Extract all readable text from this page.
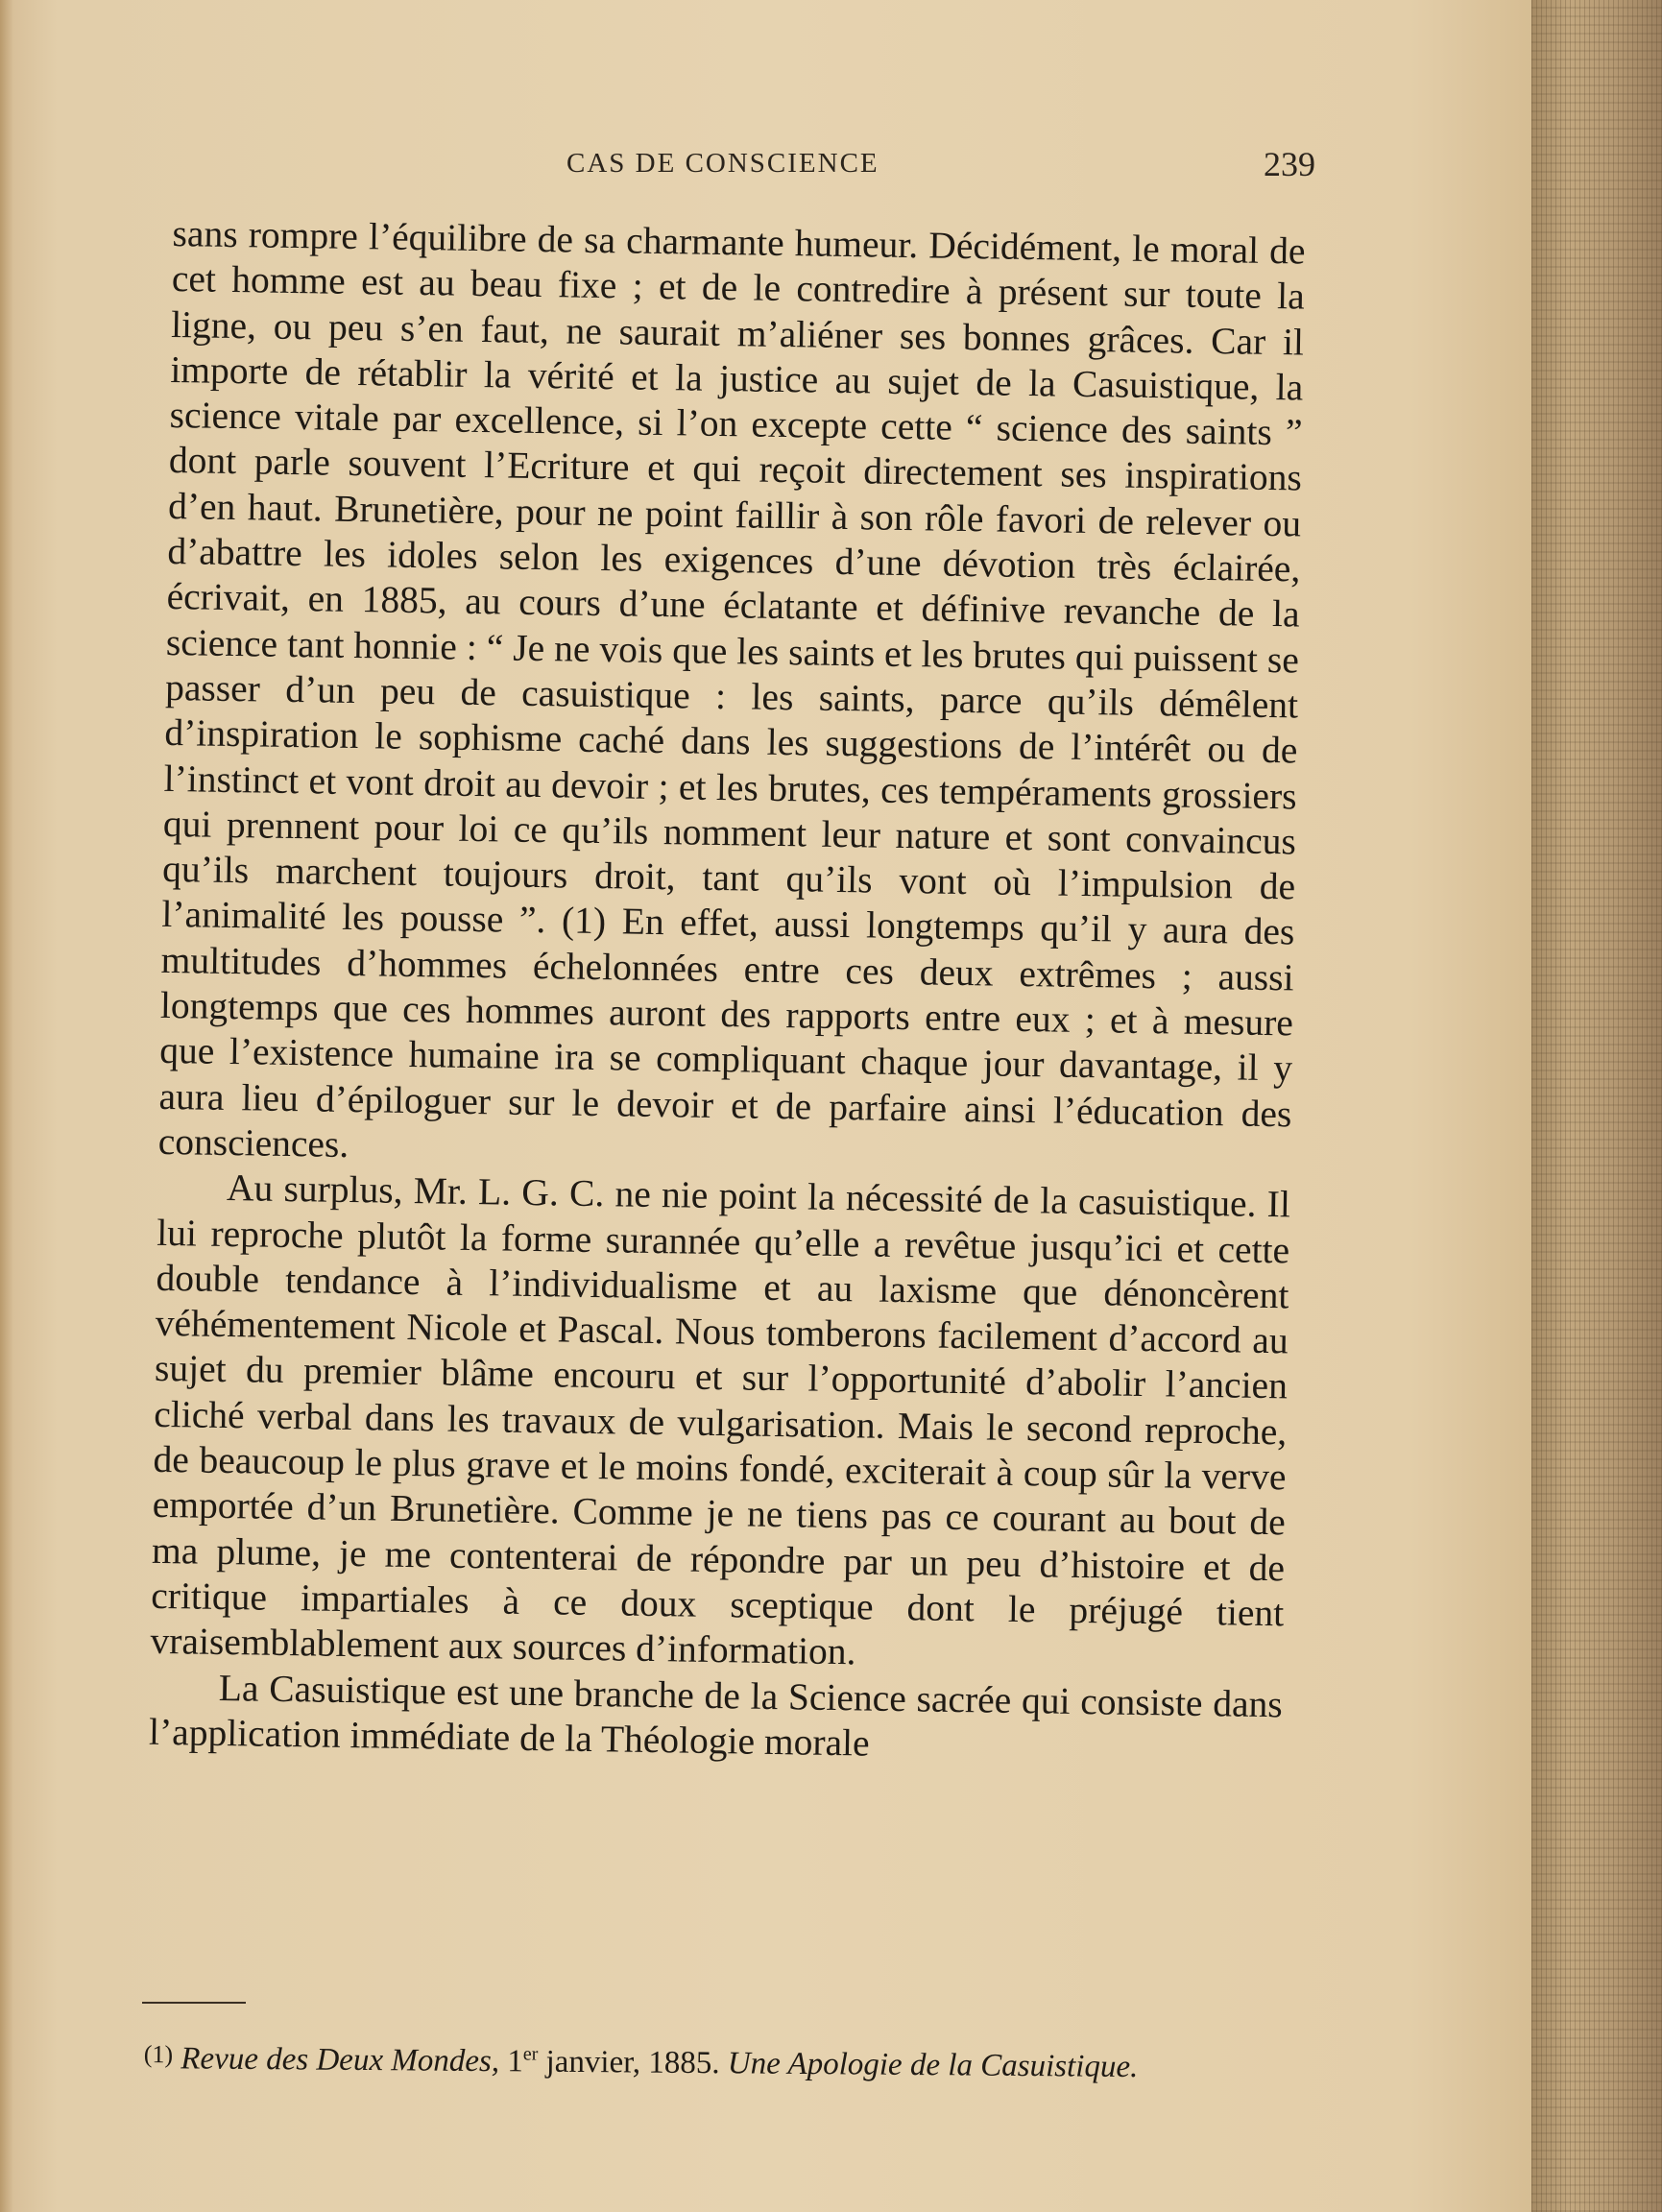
CAS DE CONSCIENCE	239

sans rompre l’équilibre de sa charmante humeur. Décidément, le moral de cet homme est au beau fixe ; et de le contredire à présent sur toute la ligne, ou peu s’en faut, ne saurait m’aliéner ses bonnes grâces. Car il importe de rétablir la vérité et la justice au sujet de la Casuistique, la science vitale par excellence, si l’on excepte cette “ science des saints ” dont parle souvent l’Ecriture et qui reçoit directement ses inspirations d’en haut. Brunetière, pour ne point faillir à son rôle favori de relever ou d’abattre les idoles selon les exigences d’une dévotion très éclairée, écrivait, en 1885, au cours d’une éclatante et définive revanche de la science tant honnie : “ Je ne vois que les saints et les brutes qui puissent se passer d’un peu de casuistique : les saints, parce qu’ils démêlent d’inspiration le sophisme caché dans les suggestions de l’intérêt ou de l’instinct et vont droit au devoir ; et les brutes, ces tempéraments grossiers qui prennent pour loi ce qu’ils nomment leur nature et sont convaincus qu’ils marchent toujours droit, tant qu’ils vont où l’impulsion de l’animalité les pousse ”. (1) En effet, aussi longtemps qu’il y aura des multitudes d’hommes échelonnées entre ces deux extrêmes ; aussi longtemps que ces hommes auront des rapports entre eux ; et à mesure que l’existence humaine ira se compliquant chaque jour davantage, il y aura lieu d’épiloguer sur le devoir et de parfaire ainsi l’éducation des consciences.

Au surplus, Mr. L. G. C. ne nie point la nécessité de la casuistique. Il lui reproche plutôt la forme surannée qu’elle a revêtue jusqu’ici et cette double tendance à l’individualisme et au laxisme que dénoncèrent véhémentement Nicole et Pascal. Nous tomberons facilement d’accord au sujet du premier blâme encouru et sur l’opportunité d’abolir l’ancien cliché verbal dans les travaux de vulgarisation. Mais le second reproche, de beaucoup le plus grave et le moins fondé, exciterait à coup sûr la verve emportée d’un Brunetière. Comme je ne tiens pas ce courant au bout de ma plume, je me contenterai de répondre par un peu d’histoire et de critique impartiales à ce doux sceptique dont le préjugé tient vraisemblablement aux sources d’information.

La Casuistique est une branche de la Science sacrée qui consiste dans l’application immédiate de la Théologie morale

(1) Revue des Deux Mondes, 1er janvier, 1885. Une Apologie de la Casuistique.
